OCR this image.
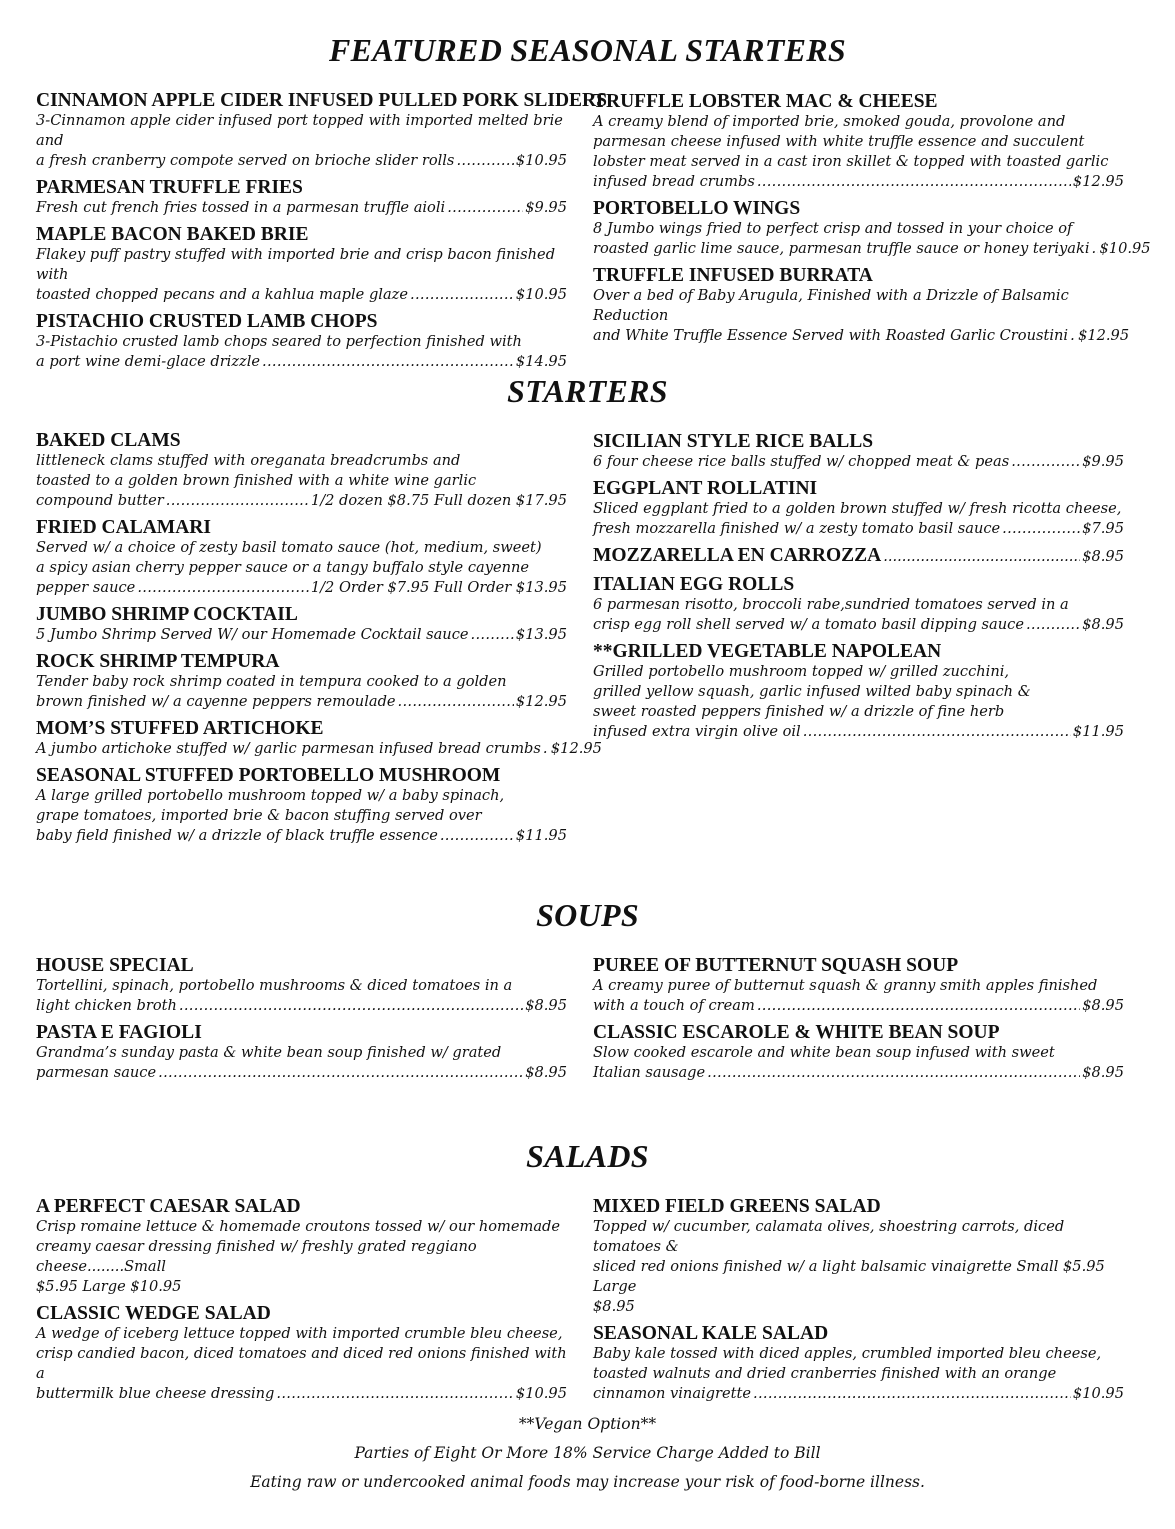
FEATURED SEASONAL STARTERS

CINNAMON APPLE CIDER INFUSED PULLED PORK SLIDERS

3-Cinnamon apple cider infused port topped with imported melted brie and

a fresh cranberry compote served on brioche slider rolls .....	$10.95

PARMESAN TRUFFLE FRIES

Fresh cut french fries tossed in a parmesan truffle aioli .....	$9.95

MAPLE BACON BAKED BRIE

Flakey puff pastry stuffed with imported brie and crisp bacon finished with

toasted chopped pecans and a kahlua maple glaze .....	$10.95

PISTACHIO CRUSTED LAMB CHOPS

3-Pistachio crusted lamb chops seared to perfection finished with

a port wine demi-glace drizzle .....	$14.95

TRUFFLE LOBSTER MAC & CHEESE

A creamy blend of imported brie, smoked gouda, provolone and

parmesan cheese infused with white truffle essence and succulent

lobster meat served in a cast iron skillet & topped with toasted garlic

infused bread crumbs .....	$12.95

PORTOBELLO WINGS

8 Jumbo wings fried to perfect crisp and tossed in your choice of

roasted garlic lime sauce, parmesan truffle sauce or honey teriyaki ..... $10.95

TRUFFLE INFUSED BURRATA

Over a bed of Baby Arugula, Finished with a Drizzle of Balsamic Reduction

and White Truffle Essence Served with Roasted Garlic Croustini ..... $12.95

STARTERS

BAKED CLAMS

littleneck clams stuffed with oreganata breadcrumbs and

toasted to a golden brown finished with a white wine garlic

compound butter .....	1/2 dozen $8.75 Full dozen $17.95

FRIED CALAMARI

Served w/ a choice of zesty basil tomato sauce (hot, medium, sweet)

a spicy asian cherry pepper sauce or a tangy buffalo style cayenne

pepper sauce .....	1/2 Order $7.95 Full Order $13.95

JUMBO SHRIMP COCKTAIL

5 Jumbo Shrimp Served W/ our Homemade Cocktail sauce .....	$13.95

ROCK SHRIMP TEMPURA

Tender baby rock shrimp coated in tempura cooked to a golden

brown finished w/ a cayenne peppers remoulade .....	$12.95

MOM’S STUFFED ARTICHOKE

A jumbo artichoke stuffed w/ garlic parmesan infused bread crumbs ..... $12.95

SEASONAL STUFFED PORTOBELLO MUSHROOM

A large grilled portobello mushroom topped w/ a baby spinach,

grape tomatoes, imported brie & bacon stuffing served over

baby field finished w/ a drizzle of black truffle essence .....	$11.95

SICILIAN STYLE RICE BALLS

6 four cheese rice balls stuffed w/ chopped meat & peas .....	$9.95

EGGPLANT ROLLATINI

Sliced eggplant fried to a golden brown stuffed w/ fresh ricotta cheese,

fresh mozzarella finished w/ a zesty tomato basil sauce .....	$7.95

MOZZARELLA EN CARROZZA .....	$8.95

ITALIAN EGG ROLLS

6 parmesan risotto, broccoli rabe,sundried tomatoes served in a

crisp egg roll shell served w/ a tomato basil dipping sauce .....	$8.95

**GRILLED VEGETABLE NAPOLEAN

Grilled portobello mushroom topped w/ grilled zucchini,

grilled yellow squash, garlic infused wilted baby spinach &

sweet roasted peppers finished w/ a drizzle of fine herb

infused extra virgin olive oil .....	$11.95

SOUPS

HOUSE SPECIAL

Tortellini, spinach, portobello mushrooms & diced tomatoes in a

light chicken broth .....	$8.95

PASTA E FAGIOLI

Grandma’s sunday pasta & white bean soup finished w/ grated

parmesan sauce .....	$8.95

PUREE OF BUTTERNUT SQUASH SOUP

A creamy puree of butternut squash & granny smith apples finished

with a touch of cream .....	$8.95

CLASSIC ESCAROLE & WHITE BEAN SOUP

Slow cooked escarole and white bean soup infused with sweet

Italian sausage .....	$8.95

SALADS

A PERFECT CAESAR SALAD

Crisp romaine lettuce & homemade croutons tossed w/ our homemade

creamy caesar dressing finished w/ freshly grated reggiano cheese........Small

$5.95 Large $10.95

CLASSIC WEDGE SALAD

A wedge of iceberg lettuce topped with imported crumble bleu cheese,

crisp candied bacon, diced tomatoes and diced red onions finished with a

buttermilk blue cheese dressing .....	$10.95

MIXED FIELD GREENS SALAD

Topped w/ cucumber, calamata olives, shoestring carrots, diced tomatoes &

sliced red onions finished w/ a light balsamic vinaigrette Small $5.95 Large

$8.95

SEASONAL KALE SALAD

Baby kale tossed with diced apples, crumbled imported bleu cheese,

toasted walnuts and dried cranberries finished with an orange

cinnamon vinaigrette .....	$10.95

**Vegan Option**

Parties of Eight Or More 18% Service Charge Added to Bill

Eating raw or undercooked animal foods may increase your risk of food-borne illness.
